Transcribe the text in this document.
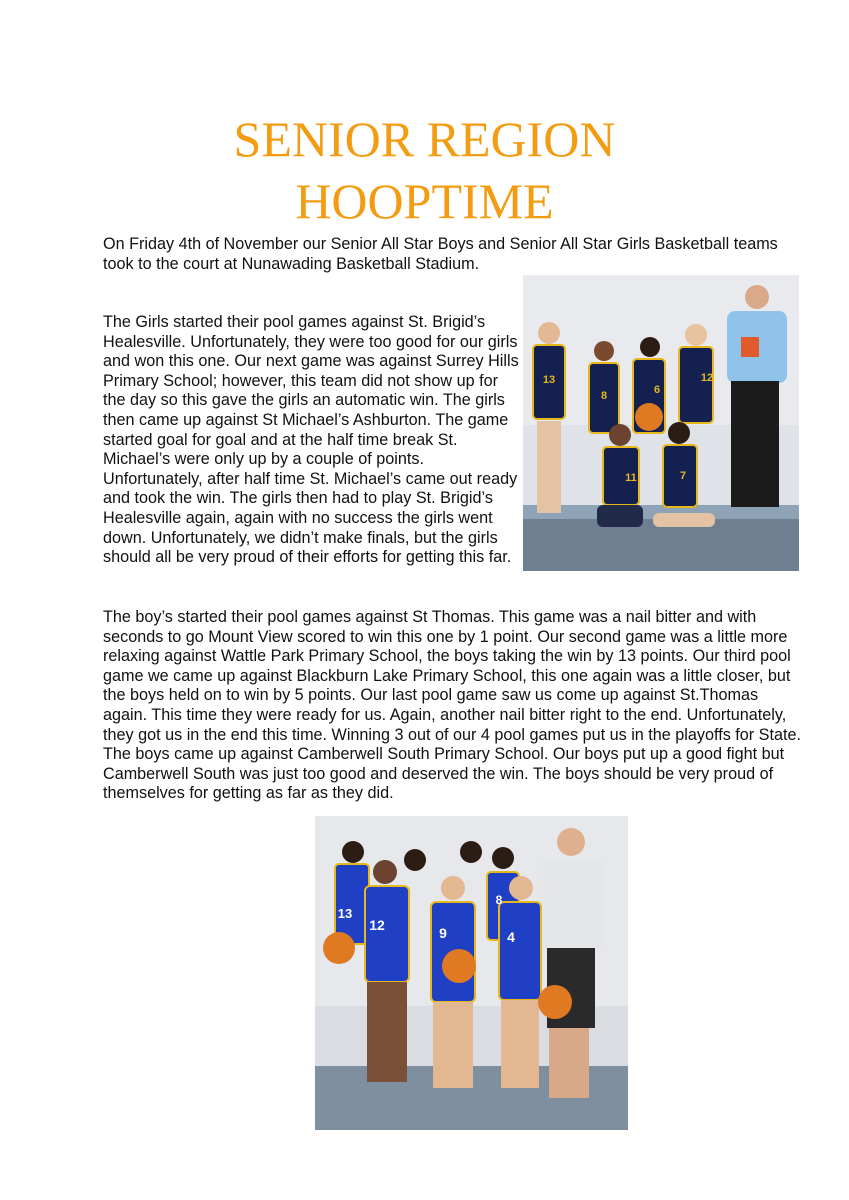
SENIOR REGION
HOOPTIME

On Friday 4th of November our Senior All Star Boys and Senior All Star Girls Basketball teams took to the court at Nunawading Basketball Stadium.

The Girls started their pool games against St. Brigid’s Healesville. Unfortunately, they were too good for our girls and won this one. Our next game was against Surrey Hills Primary School; however, this team did not show up for the day so this gave the girls an automatic win. The girls then came up against St Michael’s Ashburton. The game started goal for goal and at the half time break St. Michael’s were only up by a couple of points. Unfortunately, after half time St. Michael’s came out ready and took the win. The girls then had to play St. Brigid’s Healesville again, again with no success the girls went down. Unfortunately, we didn’t make finals, but the girls should all be very proud of their efforts for getting this far.

13
8	6
12
11	7

The boy’s started their pool games against St Thomas. This game was a nail bitter and with seconds to go Mount View scored to win this one by 1 point. Our second game was a little more relaxing against Wattle Park Primary School, the boys taking the win by 13 points. Our third pool game we came up against Blackburn Lake Primary School, this one again was a little closer, but the boys held on to win by 5 points. Our last pool game saw us come up against St.Thomas again. This time they were ready for us. Again, another nail bitter right to the end. Unfortunately, they got us in the end this time. Winning 3 out of our 4 pool games put us in the playoffs for State. The boys came up against Camberwell South Primary School. Our boys put up a good fight but Camberwell South was just too good and deserved the win. The boys should be very proud of themselves for getting as far as they did.

13
12	9	4
8
